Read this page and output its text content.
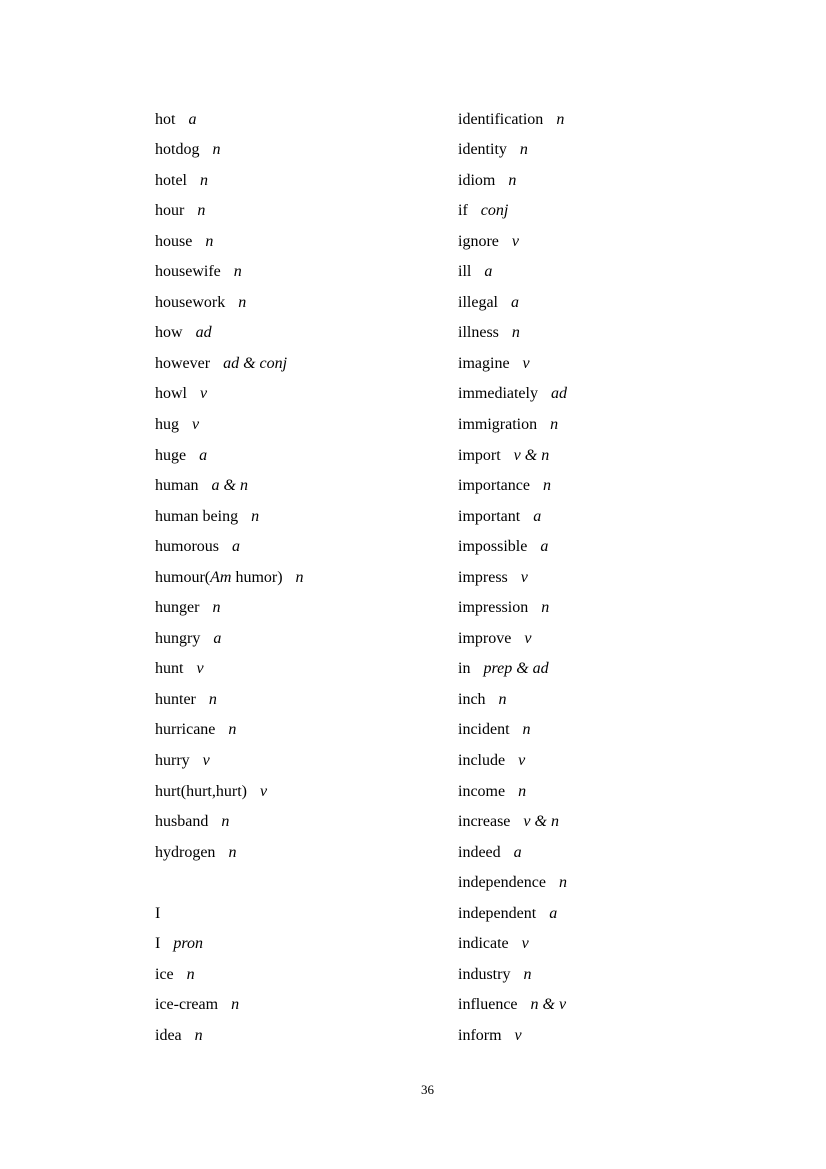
hot a
hotdog n
hotel n
hour n
house n
housewife n
housework n
how ad
however ad & conj
howl v
hug v
huge a
human a & n
human being n
humorous a
humour(Am humor) n
hunger n
hungry a
hunt v
hunter n
hurricane n
hurry v
hurt(hurt,hurt) v
husband n
hydrogen n
I
I pron
ice n
ice-cream n
idea n
identification n
identity n
idiom n
if conj
ignore v
ill a
illegal a
illness n
imagine v
immediately ad
immigration n
import v & n
importance n
important a
impossible a
impress v
impression n
improve v
in prep & ad
inch n
incident n
include v
income n
increase v & n
indeed a
independence n
independent a
indicate v
industry n
influence n & v
inform v
36
